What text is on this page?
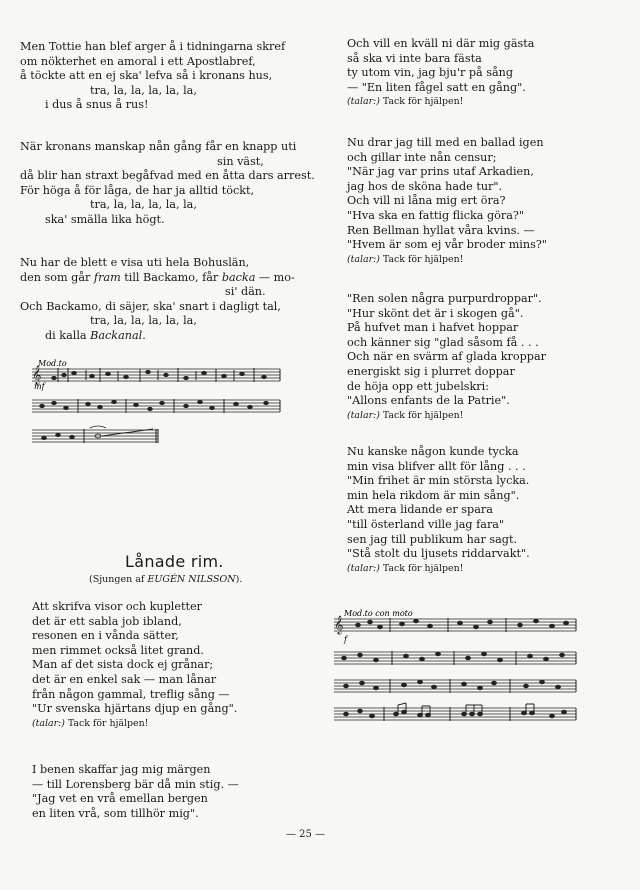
Men Tottie han blef arger å i tidningarna skref
om nökterhet en amoral i ett Apostlabref,
å töckte att en ej ska' lefva så i kronans hus,
tra, la, la, la, la, la,
i dus å snus å rus!
När kronans manskap nån gång får en knapp uti
sin väst,
då blir han straxt begåfvad med en åtta dars arrest.
För höga å för låga, de har ja alltid töckt,
tra, la, la, la, la, la,
ska' smälla lika högt.
Nu har de blett e visa uti hela Bohuslän,
den som går fram till Backamo, får backa — mo-
si' dän.
Och Backamo, di säjer, ska' snart i dagligt tal,
tra, la, la, la, la, la,
di kalla Backanal.
Mod.to
mf
𝄞
Lånade rim.
(Sjungen af EUGÉN NILSSON).
Att skrifva visor och kupletter
det är ett sabla job ibland,
resonen en i vånda sätter,
men rimmet också litet grand.
Man af det sista dock ej grånar;
det är en enkel sak — man lånar
från någon gammal, treflig sång —
"Ur svenska hjärtans djup en gång".
(talar:) Tack för hjälpen!
I benen skaffar jag mig märgen
— till Lorensberg bär då min stig. —
"Jag vet en vrå emellan bergen
en liten vrå, som tillhör mig".
Och vill en kväll ni där mig gästa
så ska vi inte bara fästa
ty utom vin, jag bju'r på sång
— "En liten fågel satt en gång".
(talar:) Tack för hjälpen!
Nu drar jag till med en ballad igen
och gillar inte nån censur;
"När jag var prins utaf Arkadien,
jag hos de sköna hade tur".
Och vill ni låna mig ert öra?
"Hva ska en fattig flicka göra?"
Ren Bellman hyllat våra kvins. —
"Hvem är som ej vår broder mins?"
(talar:) Tack för hjälpen!
"Ren solen några purpurdroppar".
"Hur skönt det är i skogen gå".
På hufvet man i hafvet hoppar
och känner sig "glad såsom få . . .
Och när en svärm af glada kroppar
energiskt sig i plurret doppar
de höja opp ett jubelskri:
"Allons enfants de la Patrie".
(talar:) Tack för hjälpen!
Nu kanske någon kunde tycka
min visa blifver allt för lång . . .
"Min frihet är min största lycka.
min hela rikdom är min sång".
Att mera lidande er spara
"till österland ville jag fara"
sen jag till publikum har sagt.
"Stå stolt du ljusets riddarvakt".
(talar:) Tack för hjälpen!
Mod.to con moto
f
𝄞
— 25 —
